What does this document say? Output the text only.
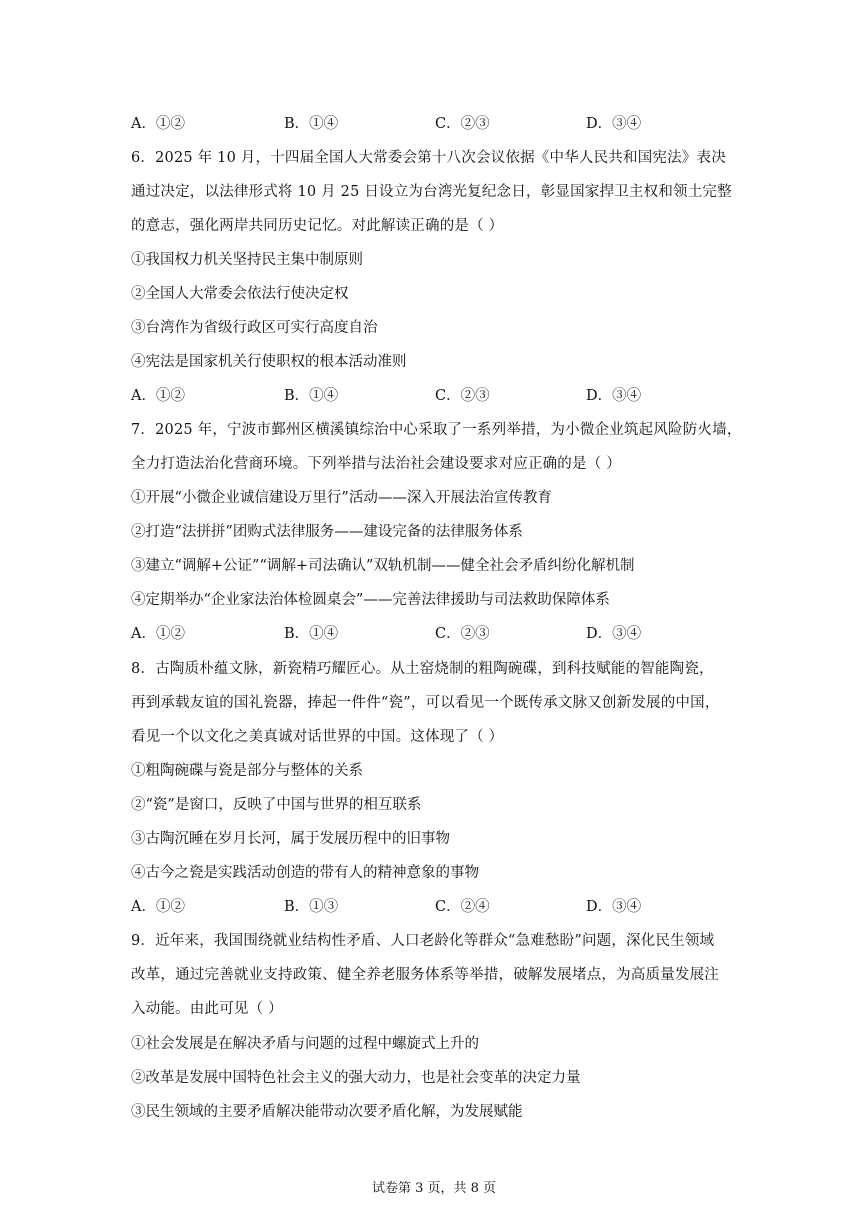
A．①②	B．①④	C．②③	D．③④
6．2025 年 10 月，十四届全国人大常委会第十八次会议依据《中华人民共和国宪法》表决
通过决定，以法律形式将 10 月 25 日设立为台湾光复纪念日，彰显国家捍卫主权和领土完整
的意志，强化两岸共同历史记忆。对此解读正确的是（ ）
①我国权力机关坚持民主集中制原则
②全国人大常委会依法行使决定权
③台湾作为省级行政区可实行高度自治
④宪法是国家机关行使职权的根本活动准则
A．①②	B．①④	C．②③	D．③④
7．2025 年，宁波市鄞州区横溪镇综治中心采取了一系列举措，为小微企业筑起风险防火墙，
全力打造法治化营商环境。下列举措与法治社会建设要求对应正确的是（ ）
①开展“小微企业诚信建设万里行”活动——深入开展法治宣传教育
②打造“法拼拼”团购式法律服务——建设完备的法律服务体系
③建立“调解+公证”“调解+司法确认”双轨机制——健全社会矛盾纠纷化解机制
④定期举办“企业家法治体检圆桌会”——完善法律援助与司法救助保障体系
A．①②	B．①④	C．②③	D．③④
8．古陶质朴蕴文脉，新瓷精巧耀匠心。从土窑烧制的粗陶碗碟，到科技赋能的智能陶瓷，
再到承载友谊的国礼瓷器，捧起一件件“瓷”，可以看见一个既传承文脉又创新发展的中国，
看见一个以文化之美真诚对话世界的中国。这体现了（ ）
①粗陶碗碟与瓷是部分与整体的关系
②“瓷”是窗口，反映了中国与世界的相互联系
③古陶沉睡在岁月长河，属于发展历程中的旧事物
④古今之瓷是实践活动创造的带有人的精神意象的事物
A．①②	B．①③	C．②④	D．③④
9．近年来，我国围绕就业结构性矛盾、人口老龄化等群众“急难愁盼”问题，深化民生领域
改革，通过完善就业支持政策、健全养老服务体系等举措，破解发展堵点，为高质量发展注
入动能。由此可见（ ）
①社会发展是在解决矛盾与问题的过程中螺旋式上升的
②改革是发展中国特色社会主义的强大动力，也是社会变革的决定力量
③民生领域的主要矛盾解决能带动次要矛盾化解，为发展赋能
试卷第 3 页，共 8 页
